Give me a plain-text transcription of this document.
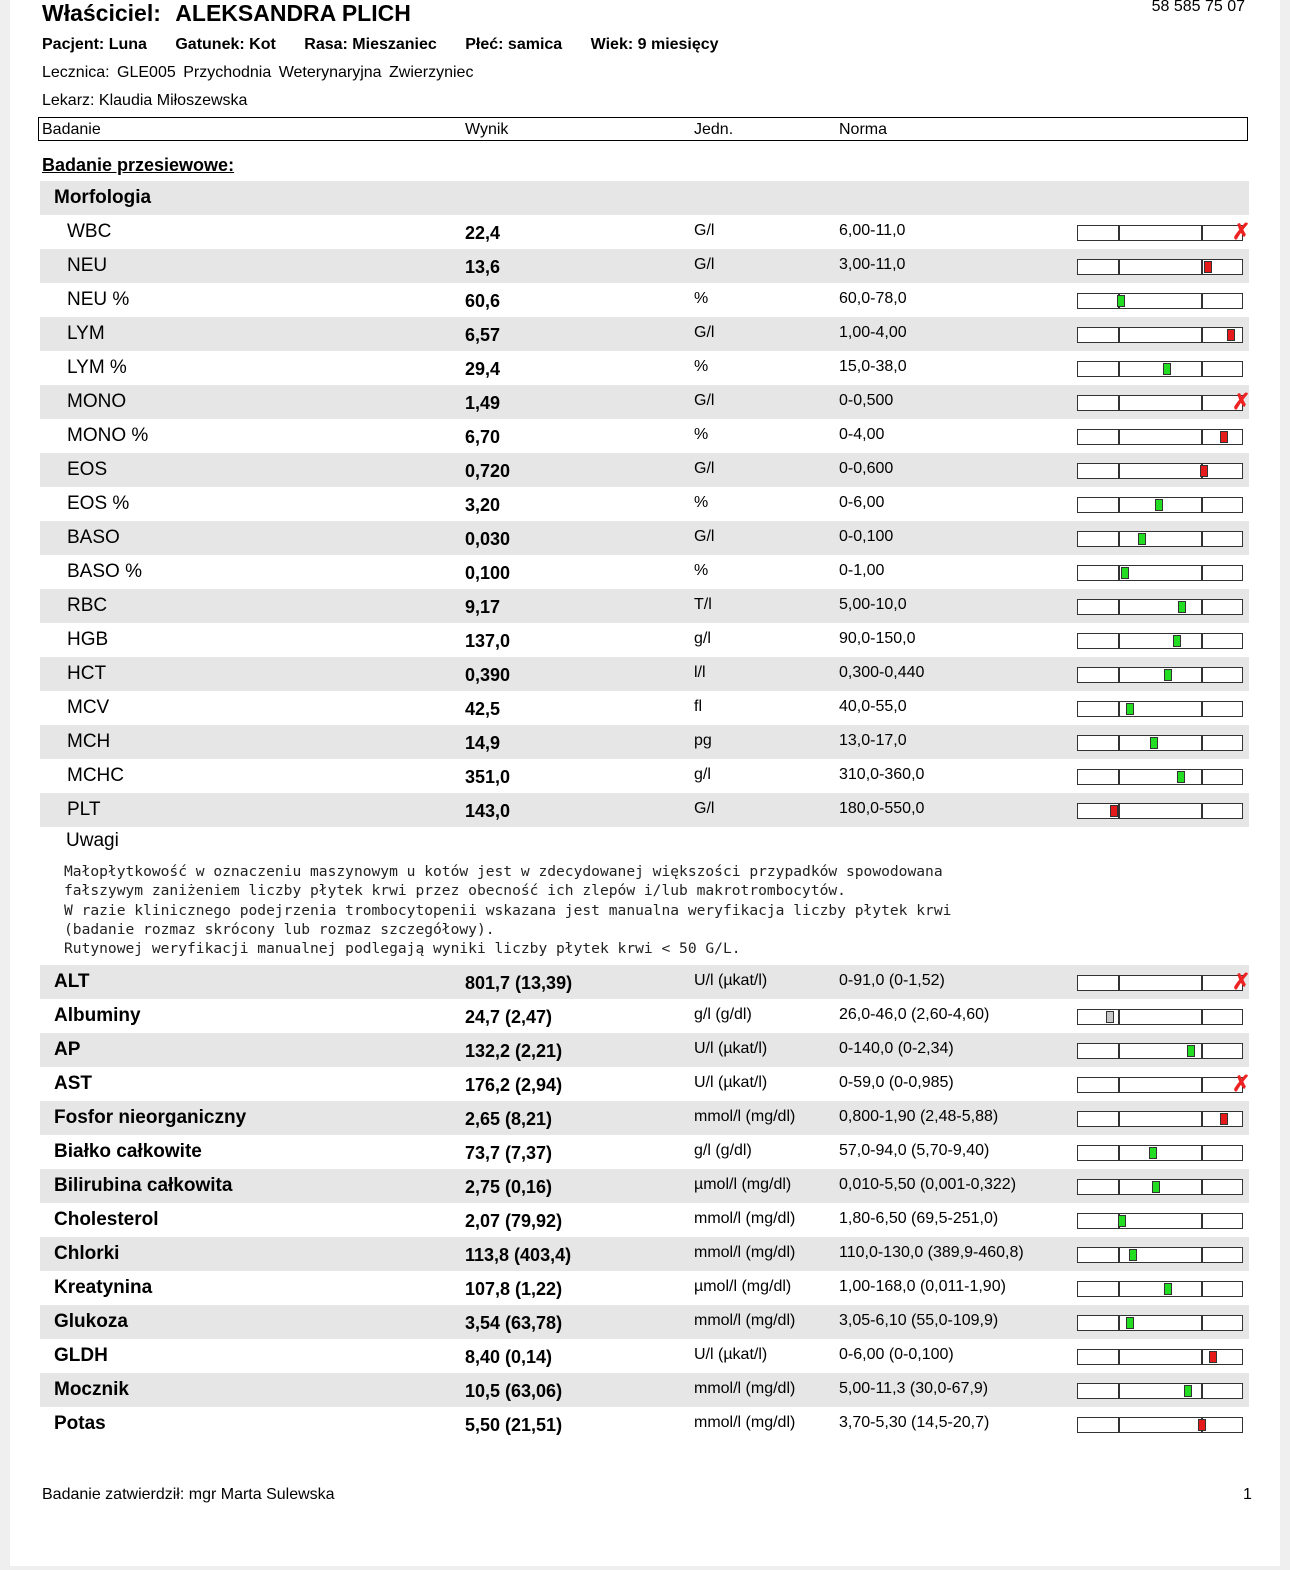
58 585 75 07
Właściciel: ALEKSANDRA PLICH
Pacjent: Luna Gatunek: Kot Rasa: Mieszaniec Płeć: samica Wiek: 9 miesięcy
Lecznica: GLE005 Przychodnia Weterynaryjna Zwierzyniec
Lekarz: Klaudia Miłoszewska
Badanie	Wynik	Jedn.	Norma
Badanie przesiewowe:
Morfologia
WBC	22,4	G/l	6,00-11,0	✗
NEU	13,6	G/l	3,00-11,0
NEU %	60,6	%	60,0-78,0
LYM	6,57	G/l	1,00-4,00
LYM %	29,4	%	15,0-38,0
MONO	1,49	G/l	0-0,500	✗
MONO %	6,70	%	0-4,00
EOS	0,720	G/l	0-0,600
EOS %	3,20	%	0-6,00
BASO	0,030	G/l	0-0,100
BASO %	0,100	%	0-1,00
RBC	9,17	T/l	5,00-10,0
HGB	137,0	g/l	90,0-150,0
HCT	0,390	l/l	0,300-0,440
MCV	42,5	fl	40,0-55,0
MCH	14,9	pg	13,0-17,0
MCHC	351,0	g/l	310,0-360,0
PLT	143,0	G/l	180,0-550,0
Uwagi
Małopłytkowość w oznaczeniu maszynowym u kotów jest w zdecydowanej większości przypadków spowodowana
fałszywym zaniżeniem liczby płytek krwi przez obecność ich zlepów i/lub makrotrombocytów.
W razie klinicznego podejrzenia trombocytopenii wskazana jest manualna weryfikacja liczby płytek krwi
(badanie rozmaz skrócony lub rozmaz szczegółowy).
Rutynowej weryfikacji manualnej podlegają wyniki liczby płytek krwi < 50 G/L.
ALT	801,7 (13,39)	U/l (µkat/l)	0-91,0 (0-1,52)	✗
Albuminy	24,7 (2,47)	g/l (g/dl)	26,0-46,0 (2,60-4,60)
AP	132,2 (2,21)	U/l (µkat/l)	0-140,0 (0-2,34)
AST	176,2 (2,94)	U/l (µkat/l)	0-59,0 (0-0,985)	✗
Fosfor nieorganiczny	2,65 (8,21)	mmol/l (mg/dl)	0,800-1,90 (2,48-5,88)
Białko całkowite	73,7 (7,37)	g/l (g/dl)	57,0-94,0 (5,70-9,40)
Bilirubina całkowita	2,75 (0,16)	µmol/l (mg/dl)	0,010-5,50 (0,001-0,322)
Cholesterol	2,07 (79,92)	mmol/l (mg/dl)	1,80-6,50 (69,5-251,0)
Chlorki	113,8 (403,4)	mmol/l (mg/dl)	110,0-130,0 (389,9-460,8)
Kreatynina	107,8 (1,22)	µmol/l (mg/dl)	1,00-168,0 (0,011-1,90)
Glukoza	3,54 (63,78)	mmol/l (mg/dl)	3,05-6,10 (55,0-109,9)
GLDH	8,40 (0,14)	U/l (µkat/l)	0-6,00 (0-0,100)
Mocznik	10,5 (63,06)	mmol/l (mg/dl)	5,00-11,3 (30,0-67,9)
Potas	5,50 (21,51)	mmol/l (mg/dl)	3,70-5,30 (14,5-20,7)
Badanie zatwierdził: mgr Marta Sulewska	1
